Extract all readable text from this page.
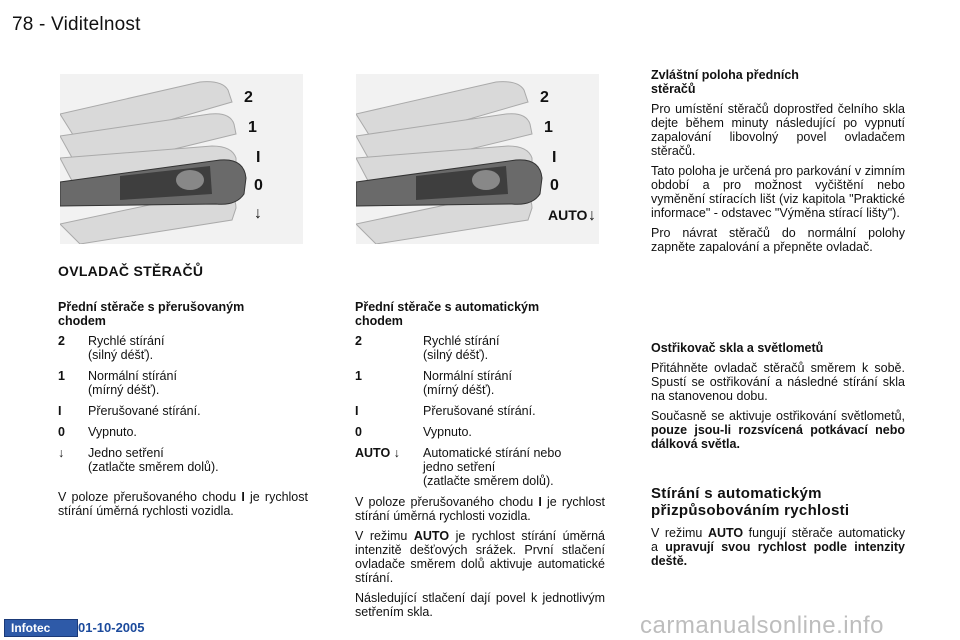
78 - Viditelnost
2
1
I
0
↓
2
1
I
0
AUTO ↓
OVLADAČ STĚRAČŮ
Přední stěrače s přerušovaným chodem
2	Rychlé stírání
(silný déšť).
1	Normální stírání
(mírný déšť).
I	Přerušované stírání.
0	Vypnuto.
↓	Jedno setření
(zatlačte směrem dolů).

V poloze přerušovaného chodu I je rychlost stírání úměrná rychlosti vozidla.

Přední stěrače s automatickým chodem
2	Rychlé stírání
(silný déšť).
1	Normální stírání
(mírný déšť).
I	Přerušované stírání.
0	Vypnuto.
AUTO ↓	Automatické stírání nebo jedno setření
(zatlačte směrem dolů).

V poloze přerušovaného chodu I je rychlost stírání úměrná rychlosti vozidla.

V režimu AUTO je rychlost stírání úměrná intenzitě dešťových srážek. První stlačení ovladače směrem dolů aktivuje automatické stírání.

Následující stlačení dají povel k jednotlivým setřením skla.

Zvláštní poloha předních stěračů

Pro umístění stěračů doprostřed čelního skla dejte během minuty následující po vypnutí zapalování libovolný povel ovladačem stěračů.

Tato poloha je určená pro parkování v zimním období a pro možnost vyčištění nebo vyměnění stíracích lišt (viz kapitola "Praktické informace" - odstavec "Výměna stírací lišty").

Pro návrat stěračů do normální polohy zapněte zapalování a přepněte ovladač.

Ostřikovač skla a světlometů

Přitáhněte ovladač stěračů směrem k sobě. Spustí se ostřikování a následné stírání skla na stanovenou dobu.

Současně se aktivuje ostřikování světlometů, pouze jsou-li rozsvícená potkávací nebo dálková světla.

Stírání s automatickým přizpůsobováním rychlosti

V režimu AUTO fungují stěrače automaticky a upravují svou rychlost podle intenzity deště.

Infotec 01-10-2005	carmanualsonline.info
